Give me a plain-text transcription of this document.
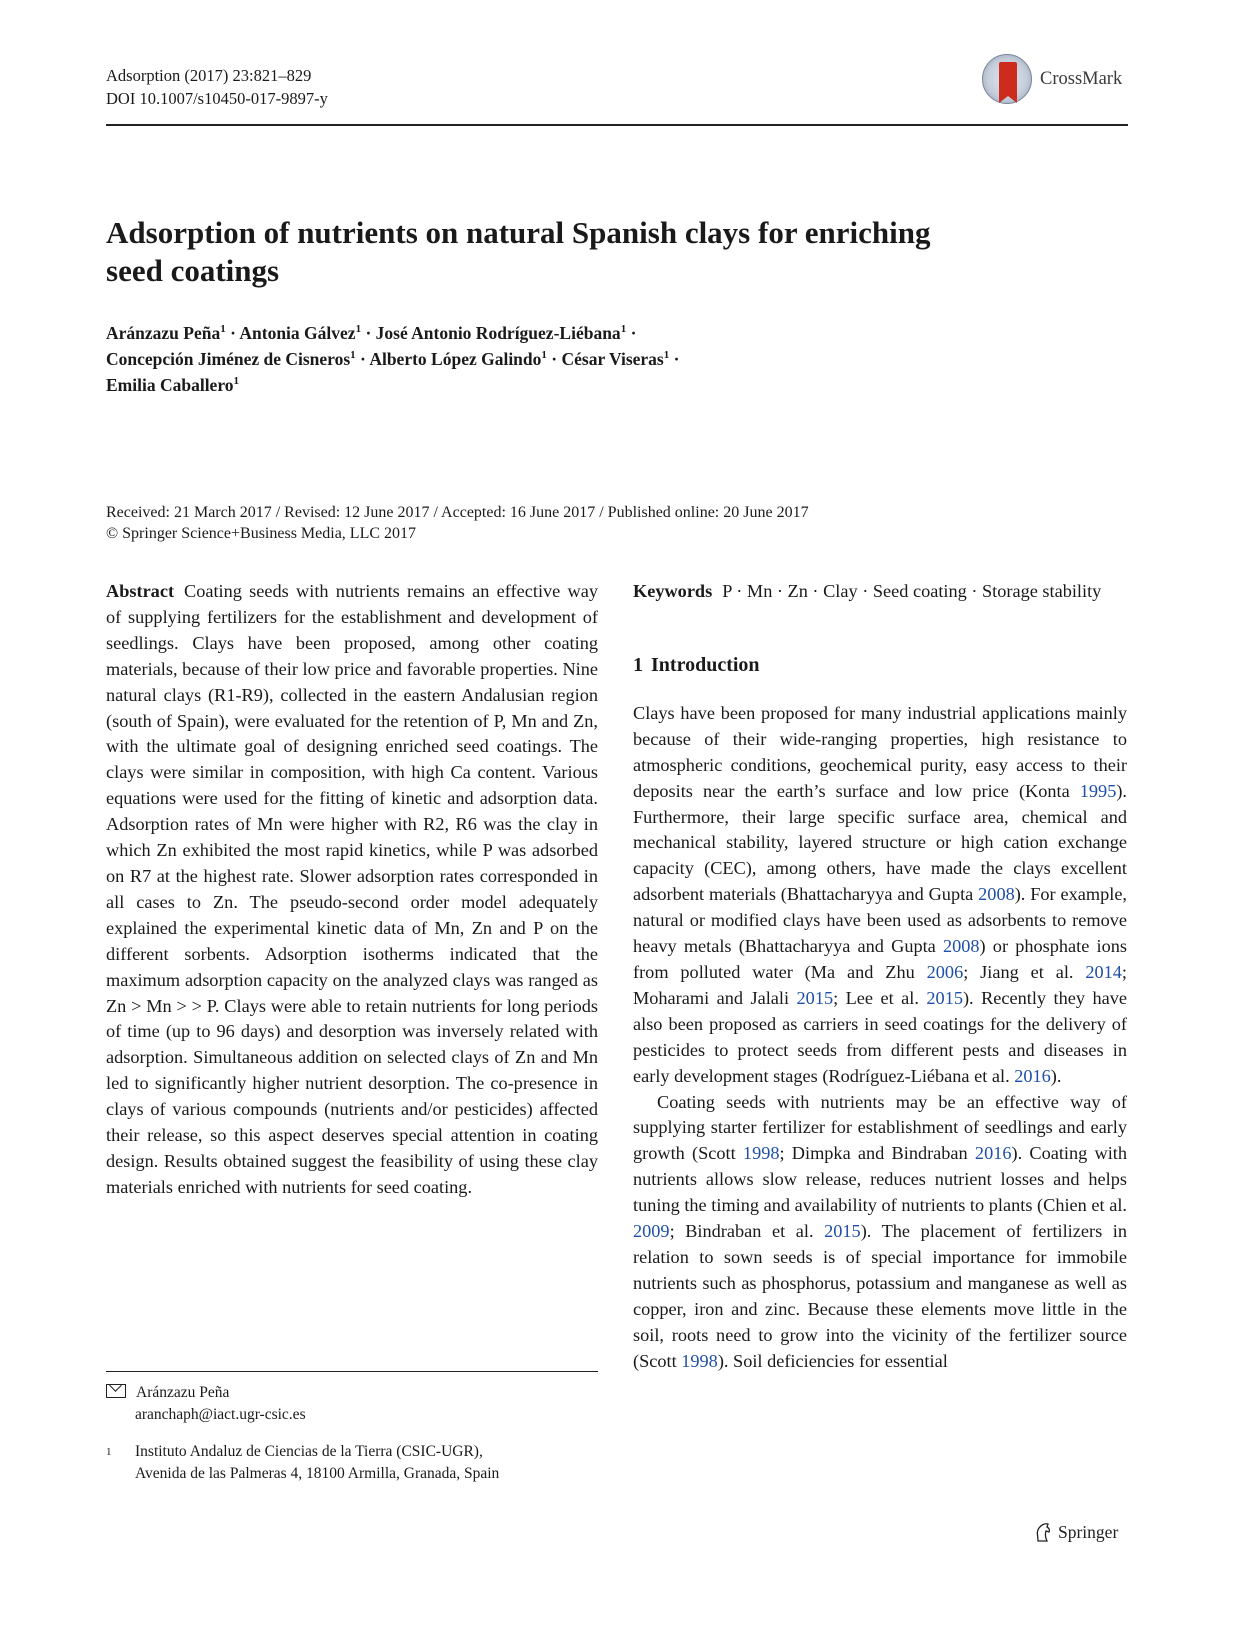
Adsorption (2017) 23:821–829
DOI 10.1007/s10450-017-9897-y
CrossMark
Adsorption of nutrients on natural Spanish clays for enriching
seed coatings
Aránzazu Peña$^1$ · Antonia Gálvez$^1$ · José Antonio Rodríguez-Liébana$^1$ ·
Concepción Jiménez de Cisneros$^1$ · Alberto López Galindo$^1$ · César Viseras$^1$ ·
Emilia Caballero$^1$
Received: 21 March 2017 / Revised: 12 June 2017 / Accepted: 16 June 2017 / Published online: 20 June 2017
© Springer Science+Business Media, LLC 2017

Abstract Coating seeds with nutrients remains an effective way of supplying fertilizers for the establishment and development of seedlings. Clays have been proposed, among other coating materials, because of their low price and favorable properties. Nine natural clays (R1-R9), collected in the eastern Andalusian region (south of Spain), were evaluated for the retention of P, Mn and Zn, with the ultimate goal of designing enriched seed coatings. The clays were similar in composition, with high Ca content. Various equations were used for the fitting of kinetic and adsorption data. Adsorption rates of Mn were higher with R2, R6 was the clay in which Zn exhibited the most rapid kinetics, while P was adsorbed on R7 at the highest rate. Slower adsorption rates corresponded in all cases to Zn. The pseudo-second order model adequately explained the experimental kinetic data of Mn, Zn and P on the different sorbents. Adsorption isotherms indicated that the maximum adsorption capacity on the analyzed clays was ranged as Zn > Mn > > P. Clays were able to retain nutrients for long periods of time (up to 96 days) and desorption was inversely related with adsorption. Simultaneous addition on selected clays of Zn and Mn led to significantly higher nutrient desorption. The co-presence in clays of various compounds (nutrients and/or pesticides) affected their release, so this aspect deserves special attention in coating design. Results obtained suggest the feasibility of using these clay materials enriched with nutrients for seed coating.

Keywords P · Mn · Zn · Clay · Seed coating · Storage stability

1 Introduction

Clays have been proposed for many industrial applications mainly because of their wide-ranging properties, high resistance to atmospheric conditions, geochemical purity, easy access to their deposits near the earth’s surface and low price (Konta 1995). Furthermore, their large specific surface area, chemical and mechanical stability, layered structure or high cation exchange capacity (CEC), among others, have made the clays excellent adsorbent materials (Bhattacharyya and Gupta 2008). For example, natural or modified clays have been used as adsorbents to remove heavy metals (Bhattacharyya and Gupta 2008) or phosphate ions from polluted water (Ma and Zhu 2006; Jiang et al. 2014; Moharami and Jalali 2015; Lee et al. 2015). Recently they have also been proposed as carriers in seed coatings for the delivery of pesticides to protect seeds from different pests and diseases in early development stages (Rodríguez-Liébana et al. 2016).

Coating seeds with nutrients may be an effective way of supplying starter fertilizer for establishment of seedlings and early growth (Scott 1998; Dimpka and Bindraban 2016). Coating with nutrients allows slow release, reduces nutrient losses and helps tuning the timing and availability of nutrients to plants (Chien et al. 2009; Bindraban et al. 2015). The placement of fertilizers in relation to sown seeds is of special importance for immobile nutrients such as phosphorus, potassium and manganese as well as copper, iron and zinc. Because these elements move little in the soil, roots need to grow into the vicinity of the fertilizer source (Scott 1998). Soil deficiencies for essential

Aránzazu Peña
aranchaph@iact.ugr-csic.es
1	Instituto Andaluz de Ciencias de la Tierra (CSIC-UGR),
Avenida de las Palmeras 4, 18100 Armilla, Granada, Spain
Springer
